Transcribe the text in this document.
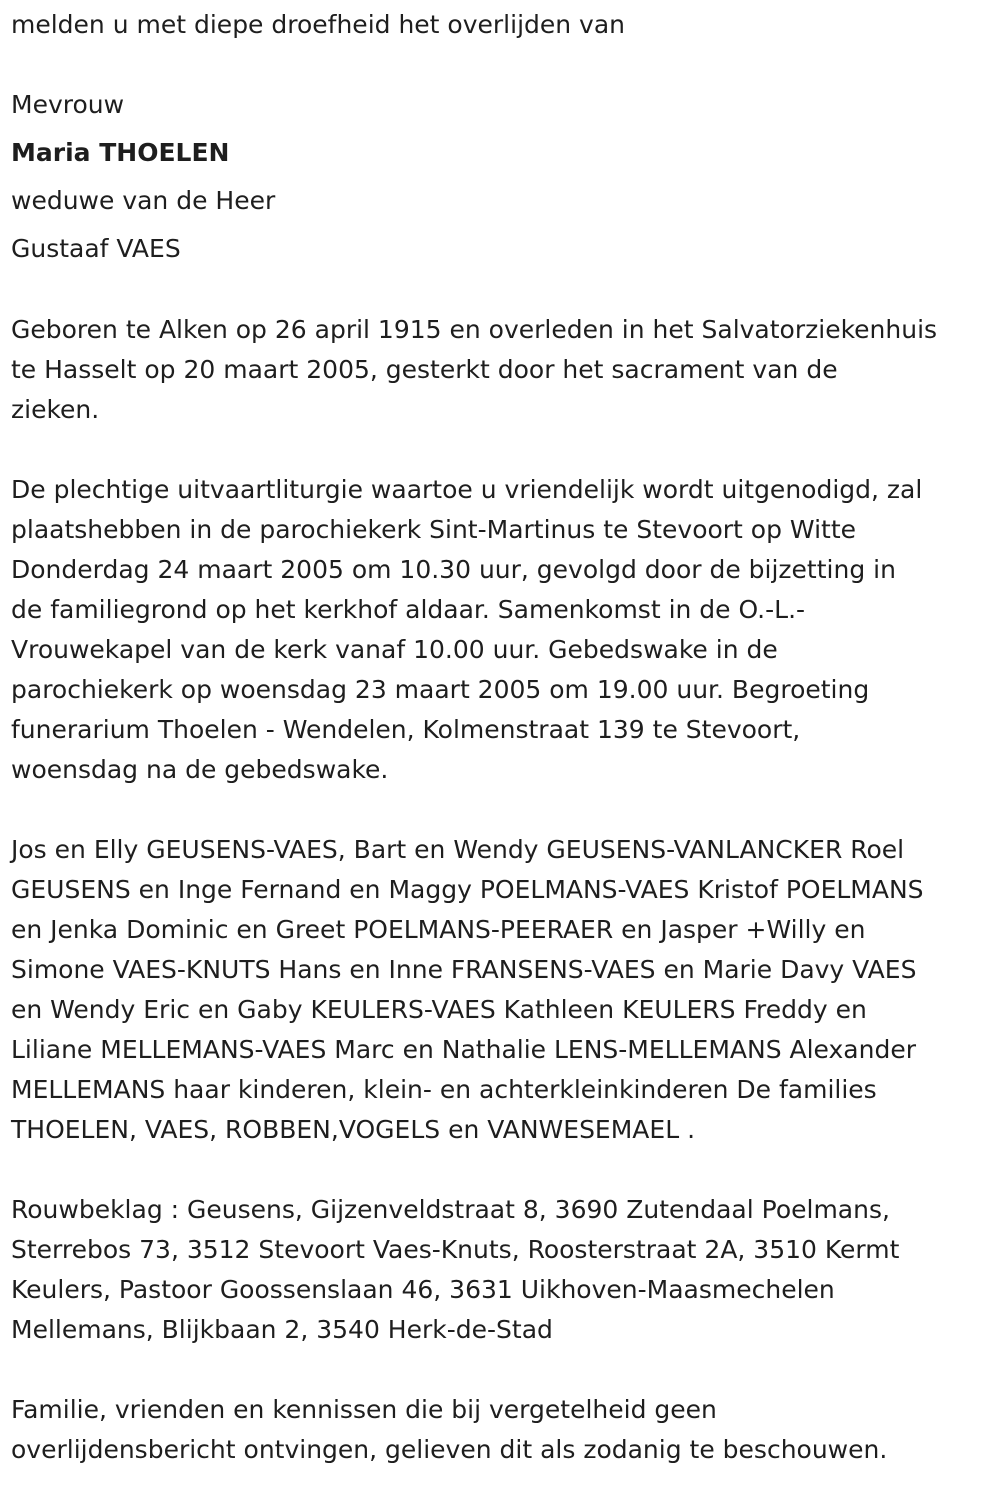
melden u met diepe droefheid het overlijden van
Mevrouw
Maria THOELEN
weduwe van de Heer
Gustaaf VAES
Geboren te Alken op 26 april 1915 en overleden in het Salvatorziekenhuis
te Hasselt op 20 maart 2005, gesterkt door het sacrament van de
zieken.
De plechtige uitvaartliturgie waartoe u vriendelijk wordt uitgenodigd, zal
plaatshebben in de parochiekerk Sint-Martinus te Stevoort op Witte
Donderdag 24 maart 2005 om 10.30 uur, gevolgd door de bijzetting in
de familiegrond op het kerkhof aldaar. Samenkomst in de O.-L.-
Vrouwekapel van de kerk vanaf 10.00 uur. Gebedswake in de
parochiekerk op woensdag 23 maart 2005 om 19.00 uur. Begroeting
funerarium Thoelen - Wendelen, Kolmenstraat 139 te Stevoort,
woensdag na de gebedswake.
Jos en Elly GEUSENS-VAES, Bart en Wendy GEUSENS-VANLANCKER Roel
GEUSENS en Inge Fernand en Maggy POELMANS-VAES Kristof POELMANS
en Jenka Dominic en Greet POELMANS-PEERAER en Jasper +Willy en
Simone VAES-KNUTS Hans en Inne FRANSENS-VAES en Marie Davy VAES
en Wendy Eric en Gaby KEULERS-VAES Kathleen KEULERS Freddy en
Liliane MELLEMANS-VAES Marc en Nathalie LENS-MELLEMANS Alexander
MELLEMANS haar kinderen, klein- en achterkleinkinderen De families
THOELEN, VAES, ROBBEN,VOGELS en VANWESEMAEL .
Rouwbeklag : Geusens, Gijzenveldstraat 8, 3690 Zutendaal Poelmans,
Sterrebos 73, 3512 Stevoort Vaes-Knuts, Roosterstraat 2A, 3510 Kermt
Keulers, Pastoor Goossenslaan 46, 3631 Uikhoven-Maasmechelen
Mellemans, Blijkbaan 2, 3540 Herk-de-Stad
Familie, vrienden en kennissen die bij vergetelheid geen
overlijdensbericht ontvingen, gelieven dit als zodanig te beschouwen.
